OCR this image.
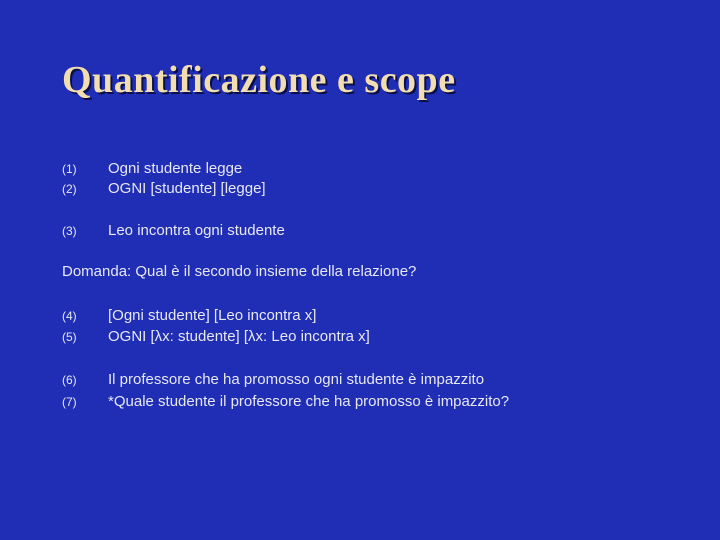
Quantificazione e scope
(1) Ogni studente legge
(2) OGNI [studente] [legge]
(3) Leo incontra ogni studente
Domanda: Qual è il secondo insieme della relazione?
(4) [Ogni studente] [Leo incontra x]
(5) OGNI [λx: studente] [λx: Leo incontra x]
(6) Il professore che ha promosso ogni studente è impazzito
(7) *Quale studente il professore che ha promosso è impazzito?
